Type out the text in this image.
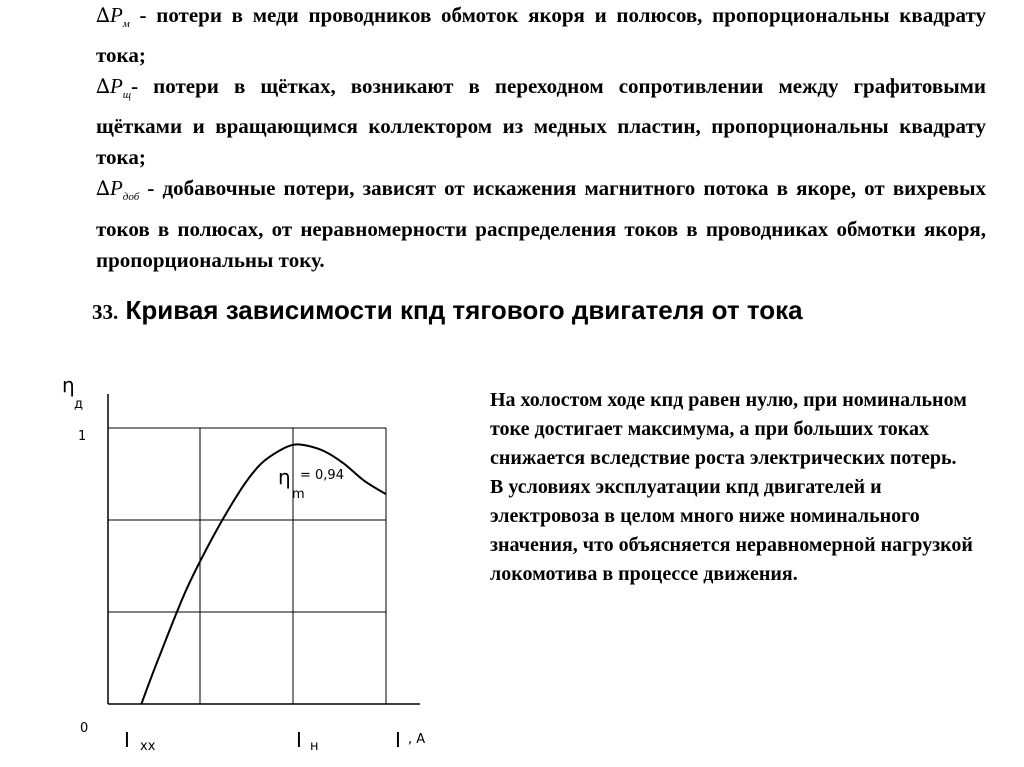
$\Delta P_м$ - потери в меди проводников обмоток якоря и полюсов, пропорциональны квадрату тока;

$\Delta P_щ-$ потери в щётках, возникают в переходном сопротивлении между графитовыми щётками и вращающимся коллектором из медных пластин, пропорциональны квадрату тока;

$\Delta P_{доб}$ - добавочные потери, зависят от искажения магнитного потока в якоре, от вихревых токов в полюсах, от неравномерности распределения токов в проводниках обмотки якоря, пропорциональны току.

33. Кривая зависимости кпд тягового двигателя от тока
η
д
1
0 I хх	I н	I , А
η
m
= 0,94

На холостом ходе кпд равен нулю, при номинальном токе достигает максимума, а при больших токах снижается вследствие роста электрических потерь.

В условиях эксплуатации кпд двигателей и электровоза в целом много ниже номинального значения, что объясняется неравномерной нагрузкой локомотива в процессе движения.
